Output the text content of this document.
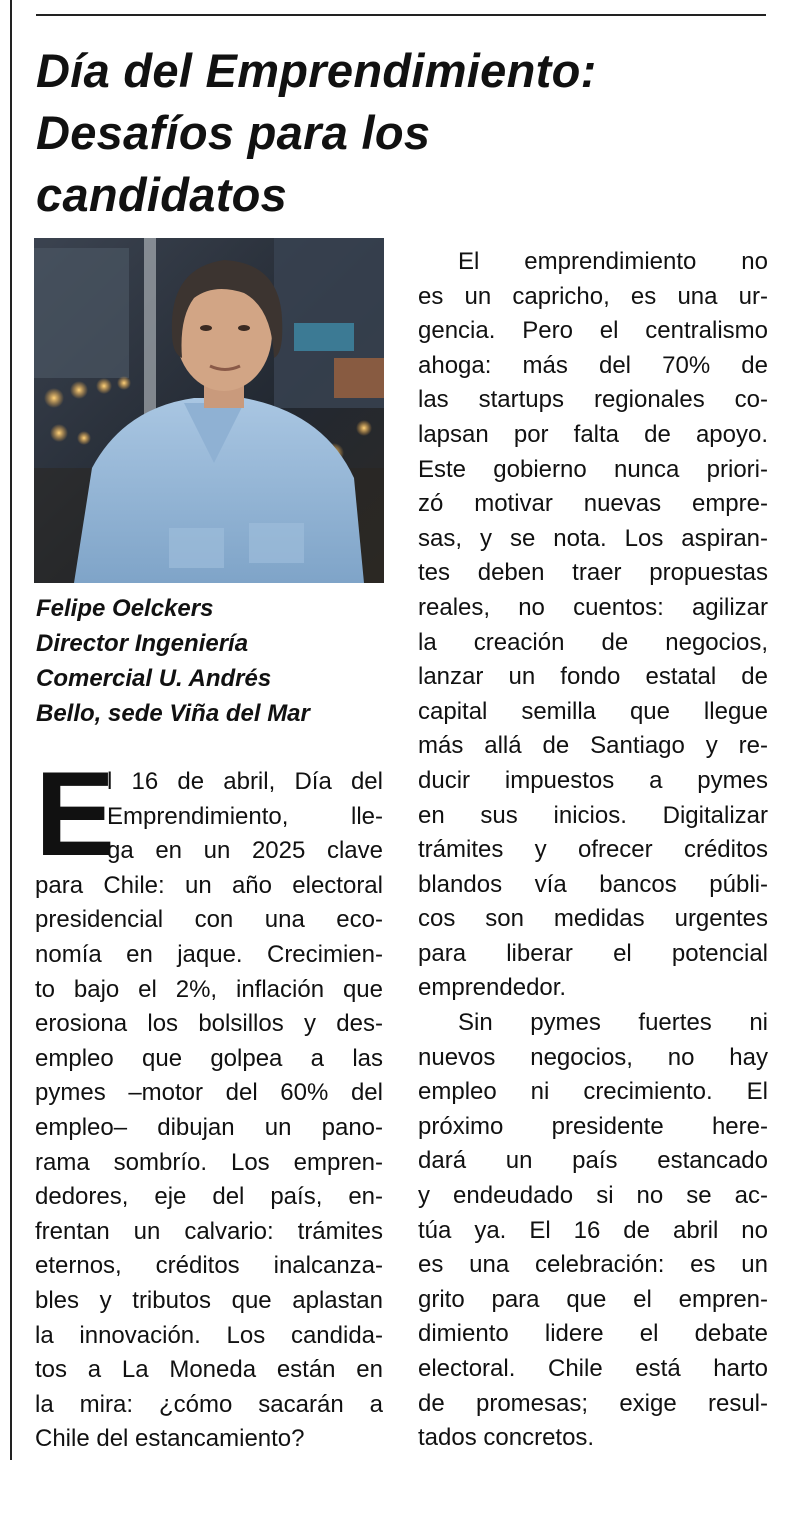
Día del Emprendimiento:
Desafíos para los
candidatos
Felipe Oelckers
Director Ingeniería
Comercial U. Andrés
Bello, sede Viña del Mar
E
l 16 de abril, Día del
Emprendimiento, lle-
ga en un 2025 clave
para Chile: un año electoral
presidencial con una eco-
nomía en jaque. Crecimien-
to bajo el 2%, inflación que
erosiona los bolsillos y des-
empleo que golpea a las
pymes –motor del 60% del
empleo– dibujan un pano-
rama sombrío. Los empren-
dedores, eje del país, en-
frentan un calvario: trámites
eternos, créditos inalcanza-
bles y tributos que aplastan
la innovación. Los candida-
tos a La Moneda están en
la mira: ¿cómo sacarán a
Chile del estancamiento?
El emprendimiento no
es un capricho, es una ur-
gencia. Pero el centralismo
ahoga: más del 70% de
las startups regionales co-
lapsan por falta de apoyo.
Este gobierno nunca priori-
zó motivar nuevas empre-
sas, y se nota. Los aspiran-
tes deben traer propuestas
reales, no cuentos: agilizar
la creación de negocios,
lanzar un fondo estatal de
capital semilla que llegue
más allá de Santiago y re-
ducir impuestos a pymes
en sus inicios. Digitalizar
trámites y ofrecer créditos
blandos vía bancos públi-
cos son medidas urgentes
para liberar el potencial
emprendedor.
Sin pymes fuertes ni
nuevos negocios, no hay
empleo ni crecimiento. El
próximo presidente here-
dará un país estancado
y endeudado si no se ac-
túa ya. El 16 de abril no
es una celebración: es un
grito para que el empren-
dimiento lidere el debate
electoral. Chile está harto
de promesas; exige resul-
tados concretos.
